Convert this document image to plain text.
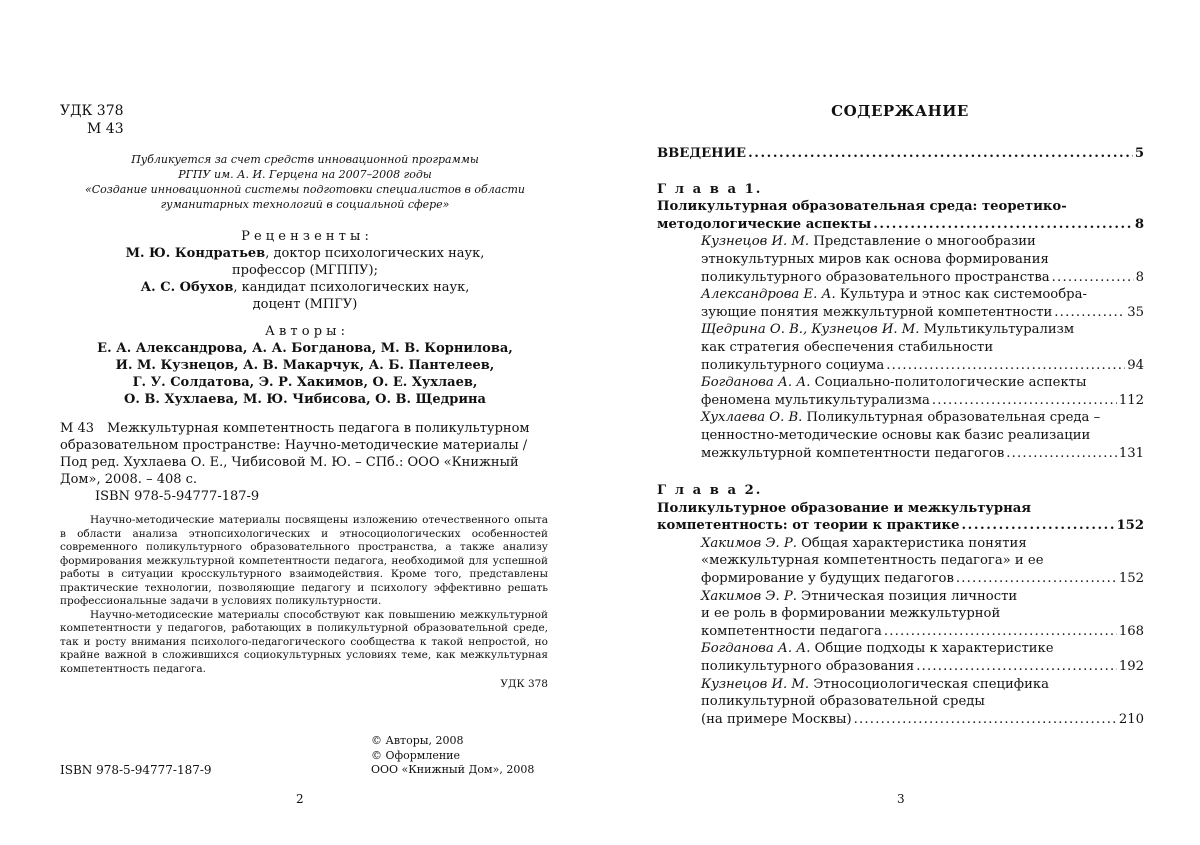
УДК 378
М 43
Публикуется за счет средств инновационной программы
РГПУ им. А. И. Герцена на 2007–2008 годы
«Создание инновационной системы подготовки специалистов в области
гуманитарных технологий в социальной сфере»
Р е ц е н з е н т ы :
М. Ю. Кондратьев, доктор психологических наук,
профессор (МГППУ);
А. С. Обухов, кандидат психологических наук,
доцент (МПГУ)
А в т о р ы :
Е. А. Александрова, А. А. Богданова, М. В. Корнилова,
И. М. Кузнецов, А. В. Макарчук, А. Б. Пантелеев,
Г. У. Солдатова, Э. Р. Хакимов, О. Е. Хухлаев,
О. В. Хухлаева, М. Ю. Чибисова, О. В. Щедрина
М 43	Межкультурная компетентность педагога в поликультурном
образовательном пространстве: Научно-методические материалы /
Под ред. Хухлаева О. Е., Чибисовой М. Ю. – СПб.: ООО «Книжный
Дом», 2008. – 408 с.
ISBN 978-5-94777-187-9

Научно-методические материалы посвящены изложению отечественного опыта в области анализа этнопсихологических и этносоциологических особенностей современного поликультурного образовательного пространства, а также анализу формирования межкультурной компетентности педагога, необходимой для успешной работы в ситуации кросскультурного взаимодействия. Кроме того, представлены практические технологии, позволяющие педагогу и психологу эффективно решать профессиональные задачи в условиях поликультурности.

Научно-методисеские материалы способствуют как повышению межкультурной компетентности у педагогов, работающих в поликультурной образовательной среде, так и росту внимания психолого-педагогического сообщества к такой непростой, но крайне важной в сложившихся социокультурных условиях теме, как межкультурная компетентность педагога.

УДК 378
© Авторы, 2008
© Оформление
ООО «Книжный Дом», 2008
ISBN 978-5-94777-187-9
2
СОДЕРЖАНИЕ
ВВЕДЕНИЕ . . .	5
Г л а в а 1.
Поликультурная образовательная среда: теоретико-
методологические аспекты . . .	8
Кузнецов И. М. Представление о многообразии
этнокультурных миров как основа формирования
поликультурного образовательного пространства . . .	8
Александрова Е. А. Культура и этнос как системообра-
зующие понятия межкультурной компетентности . . .	35
Щедрина О. В., Кузнецов И. М. Мультикультурализм
как стратегия обеспечения стабильности
поликультурного социума . . .	94
Богданова А. А. Социально-политологические аспекты
феномена мультикультурализма . . .	112
Хухлаева О. В. Поликультурная образовательная среда –
ценностно-методические основы как базис реализации
межкультурной компетентности педагогов . . .	131
Г л а в а 2.
Поликультурное образование и межкультурная
компетентность: от теории к практике . . .	152
Хакимов Э. Р. Общая характеристика понятия
«межкультурная компетентность педагога» и ее
формирование у будущих педагогов . . .	152
Хакимов Э. Р. Этническая позиция личности
и ее роль в формировании межкультурной
компетентности педагога . . .	168
Богданова А. А. Общие подходы к характеристике
поликультурного образования . . .	192
Кузнецов И. М. Этносоциологическая специфика
поликультурной образовательной среды
(на примере Москвы) . . .	210
3
